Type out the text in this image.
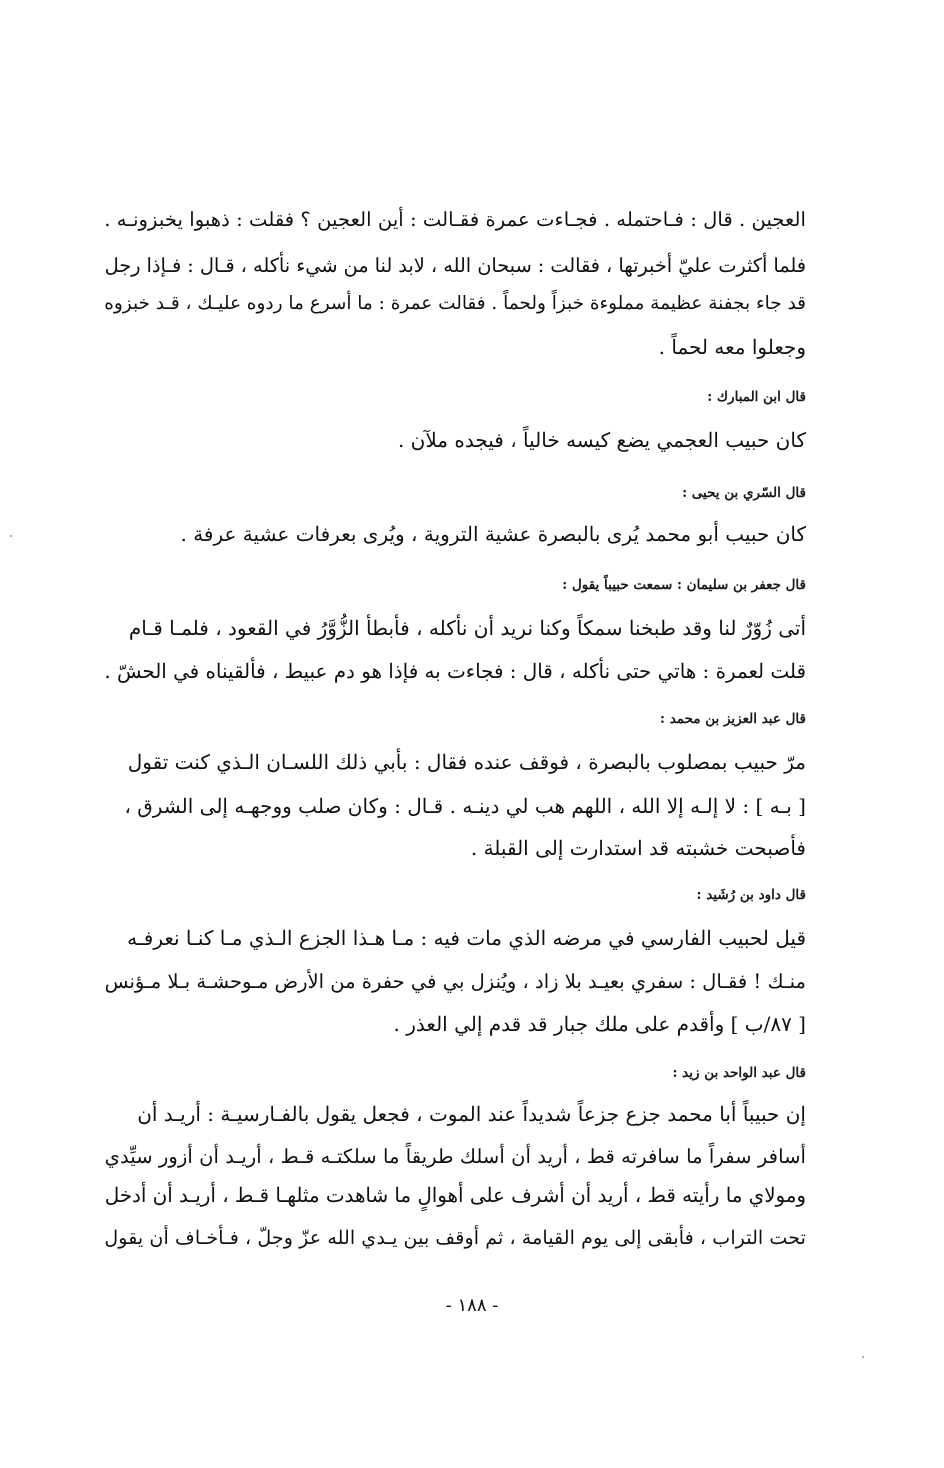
العجين . قال : فـاحتمله . فجـاءت عمرة فقـالت : أين العجين ؟ فقلت : ذهبوا يخبزونـه .
فلما أكثرت عليّ أخبرتها ، فقالت : سبحان الله ، لابد لنا من شيء نأكله ، قـال : فـإذا رجل
قد جاء بجفنة عظيمة مملوءة خبزاً ولحماً . فقالت عمرة : ما أسرع ما ردوه عليـك ، قـد خبزوه
وجعلوا معه لحماً .
قال ابن المبارك :
كان حبيب العجمي يضع كيسه خالياً ، فيجده ملآن .
قال السّري بن يحيى :
كان حبيب أبو محمد يُرى بالبصرة عشية التروية ، ويُرى بعرفات عشية عرفة .
قال جعفر بن سليمان : سمعت حبيباً يقول :
أتى زُوّرٌ لنا وقد طبخنا سمكاً وكنا نريد أن نأكله ، فأبطأ الزُّوَّرُ في القعود ، فلمـا قـام
قلت لعمرة : هاتي حتى نأكله ، قال : فجاءت به فإذا هو دم عبيط ، فألقيناه في الحشّ .
قال عبد العزيز بن محمد :
مرّ حبيب بمصلوب بالبصرة ، فوقف عنده فقال : بأبي ذلك اللسـان الـذي كنت تقول
[ بـه ] : لا إلـه إلا الله ، اللهم هب لي دينـه . قـال : وكان صلب ووجهـه إلى الشرق ،
فأصبحت خشبته قد استدارت إلى القبلة .
قال داود بن رُشَيد :
قيل لحبيب الفارسي في مرضه الذي مات فيه : مـا هـذا الجزع الـذي مـا كنـا نعرفـه
منـك ! فقـال : سفري بعيـد بلا زاد ، ويُنزل بي في حفرة من الأرض مـوحشـة بـلا مـؤنس
[ ٨٧/ب ] وأقدم على ملك جبار قد قدم إلي العذر .
قال عبد الواحد بن زيد :
إن حبيباً أبا محمد جزع جزعاً شديداً عند الموت ، فجعل يقول بالفـارسيـة : أريـد أن
أسافر سفراً ما سافرته قط ، أريد أن أسلك طريقاً ما سلكتـه قـط ، أريـد أن أزور سيِّدي
ومولاي ما رأيته قط ، أريد أن أشرف على أهوالٍ ما شاهدت مثلهـا قـط ، أريـد أن أدخل
تحت التراب ، فأبقى إلى يوم القيامة ، ثم أوقف بين يـدي الله عزّ وجلّ ، فـأخـاف أن يقول
- ١٨٨ -
